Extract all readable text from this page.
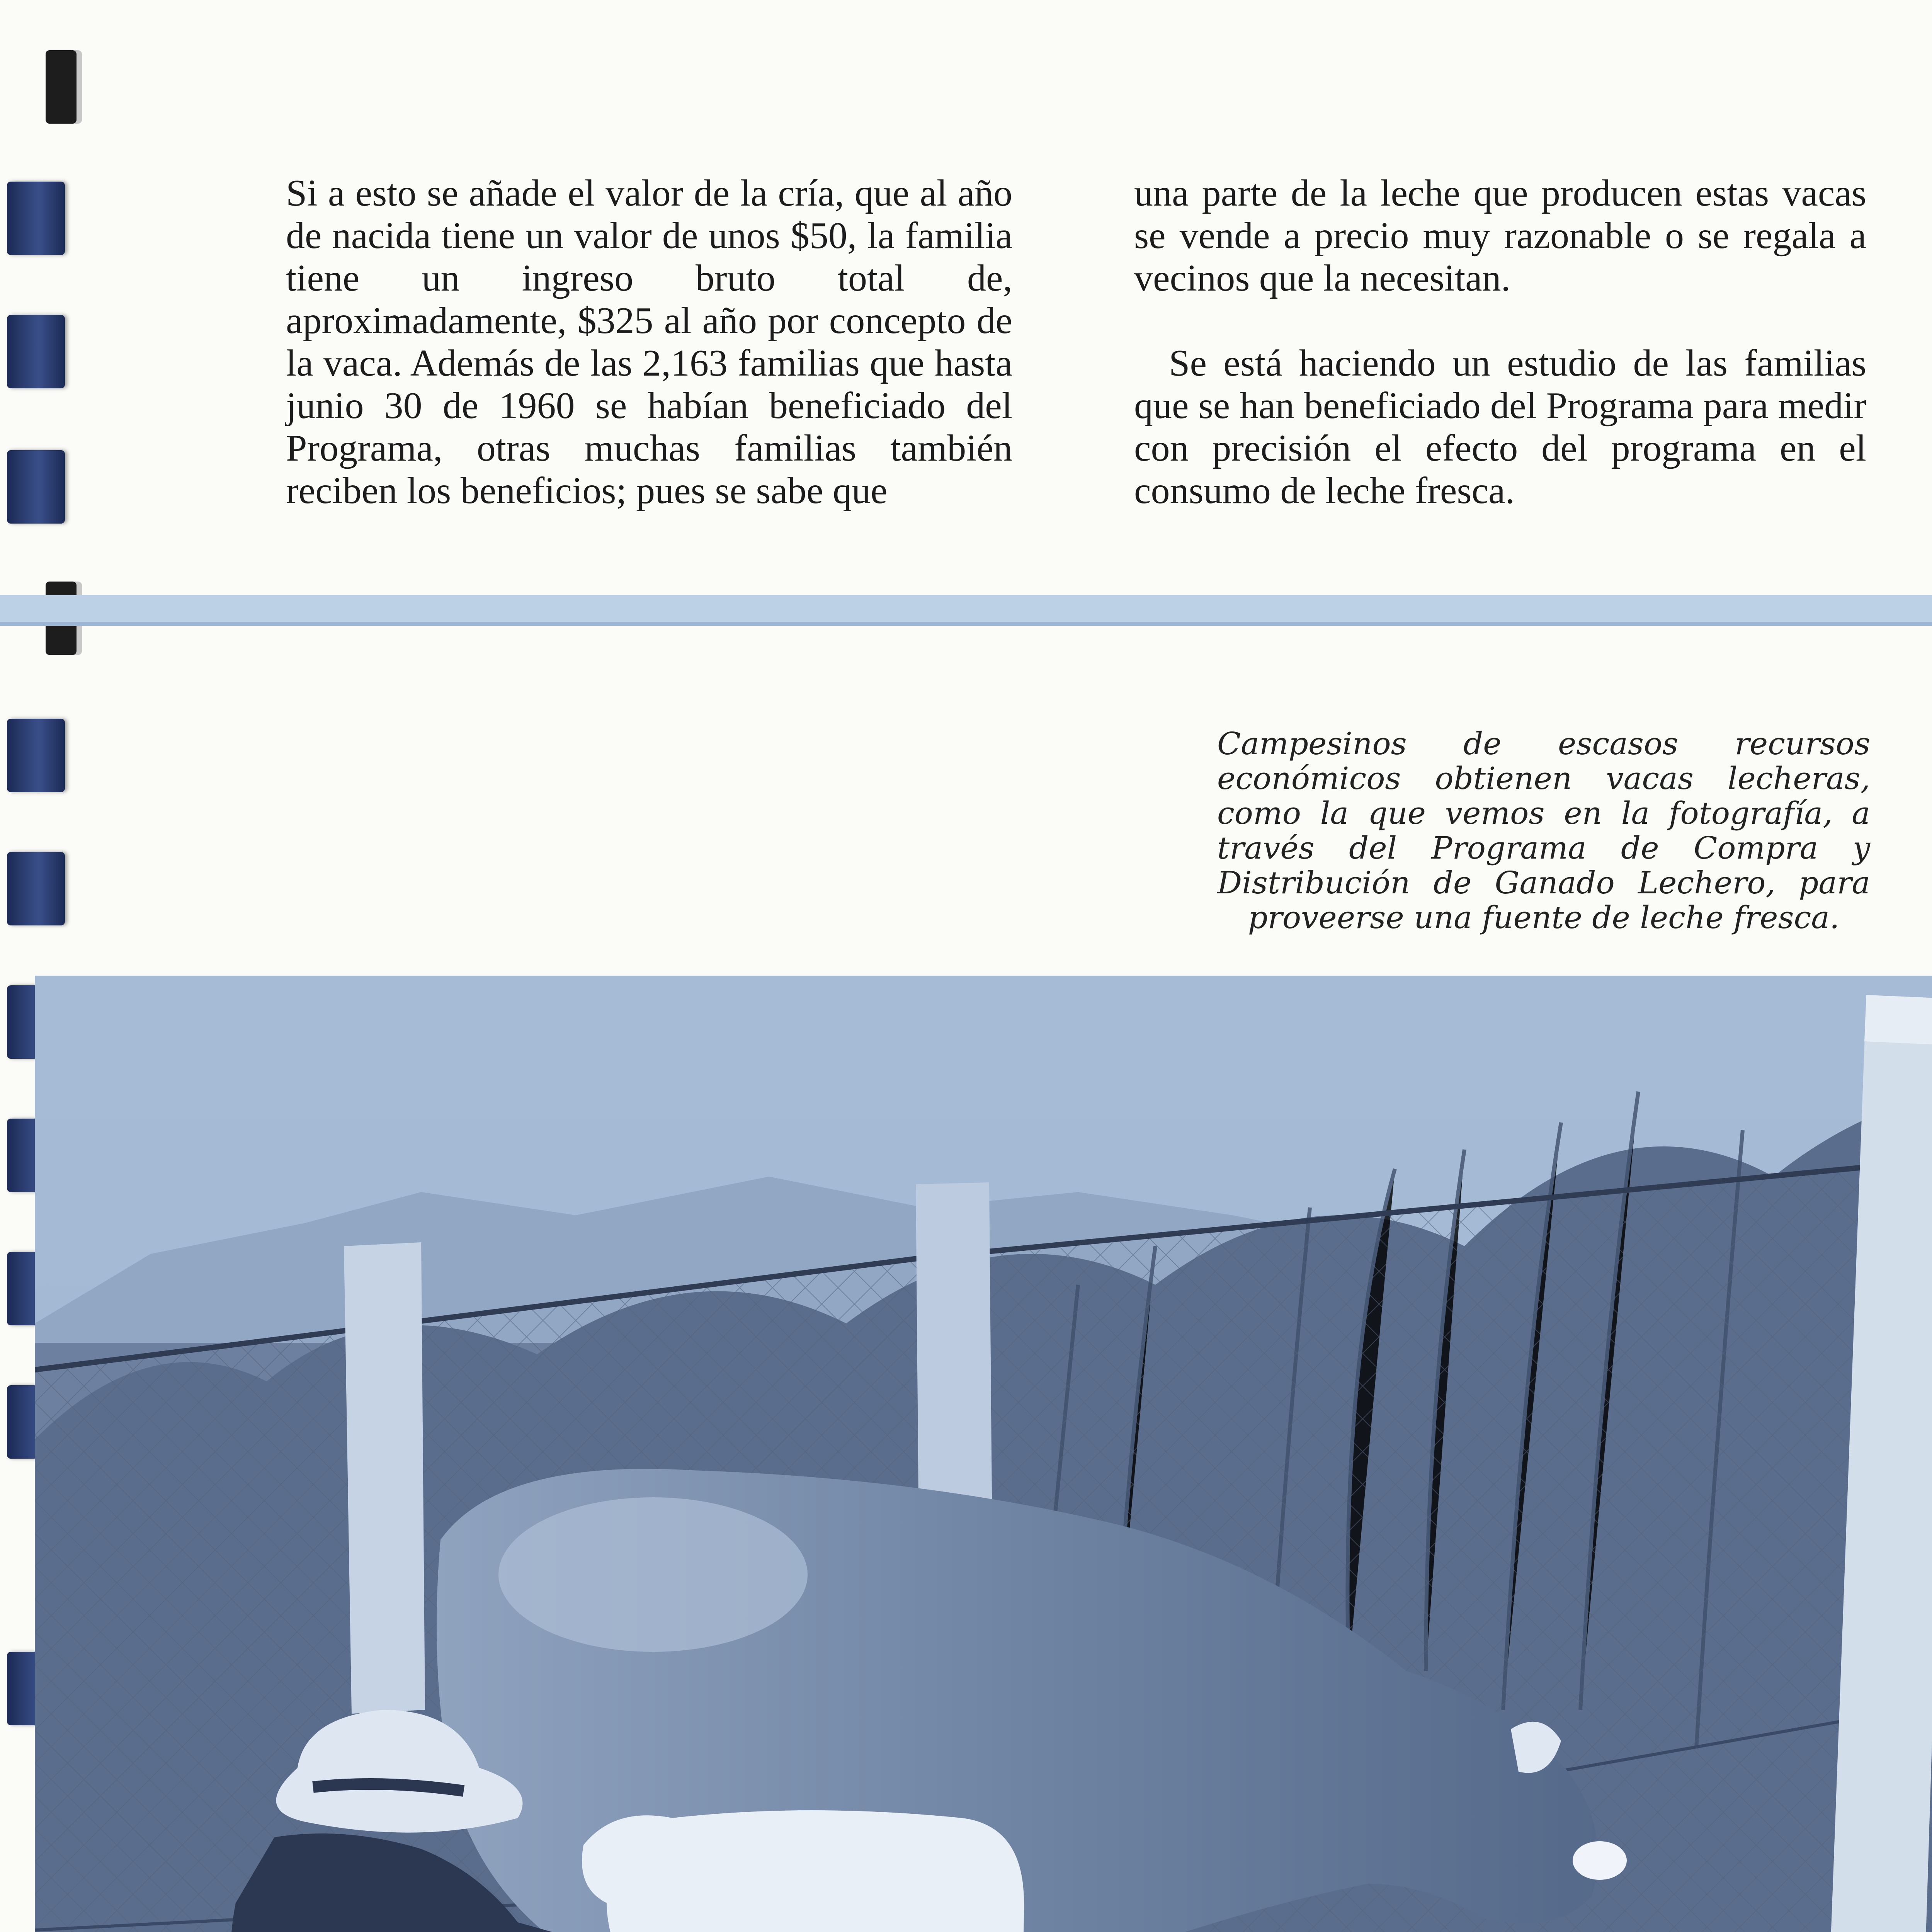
Si a esto se añade el valor de la cría, que al año de nacida tiene un valor de unos $50, la familia tiene un ingreso bruto total de, aproximadamente, $325 al año por concepto de la vaca. Además de las 2,163 familias que hasta junio 30 de 1960 se habían beneficiado del Programa, otras muchas familias también reciben los beneficios; pues se sabe que

una parte de la leche que producen estas vacas se vende a precio muy razonable o se regala a vecinos que la necesitan.

Se está haciendo un estudio de las familias que se han beneficiado del Programa para medir con precisión el efecto del programa en el consumo de leche fresca.

Campesinos de escasos recursos económicos obtienen vacas lecheras, como la que vemos en la fotografía, a través del Programa de Compra y Distribución de Ganado Lechero, para proveerse una fuente de leche fresca.
